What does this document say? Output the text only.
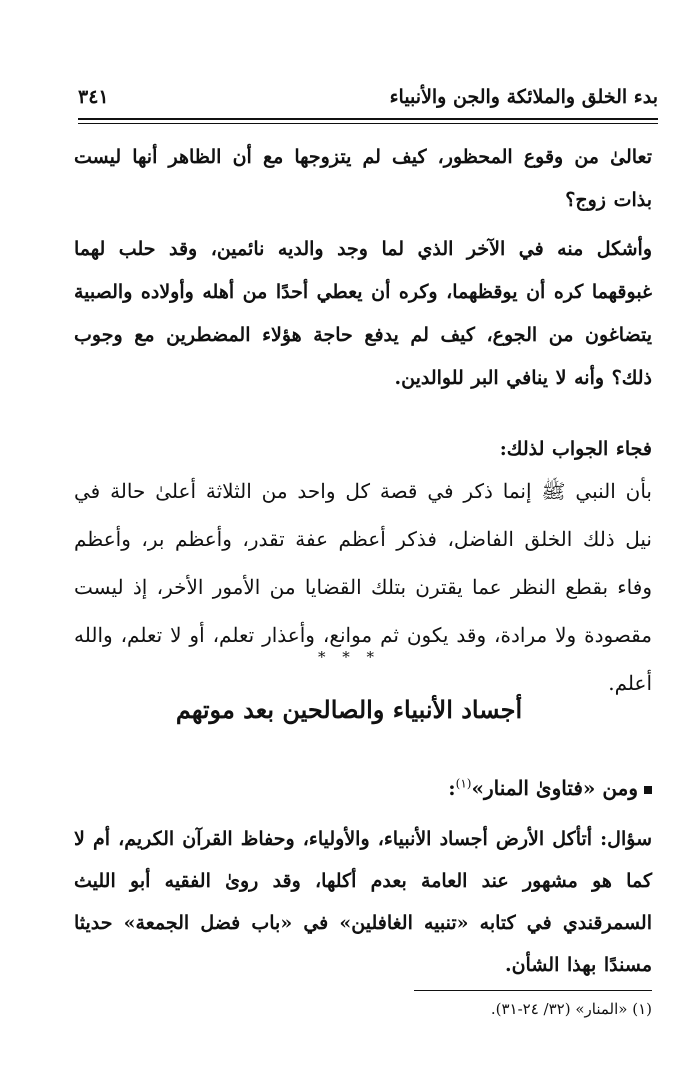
بدء الخلق والملائكة والجن والأنبياء
٣٤١

تعالىٰ من وقوع المحظور، كيف لم يتزوجها مع أن الظاهر أنها ليست بذات زوج؟

وأشكل منه في الآخر الذي لما وجد والديه نائمين، وقد حلب لهما غبوقهما كره أن يوقظهما، وكره أن يعطي أحدًا من أهله وأولاده والصبية يتضاغون من الجوع، كيف لم يدفع حاجة هؤلاء المضطرين مع وجوب ذلك؟ وأنه لا ينافي البر للوالدين.

فجاء الجواب لذلك:

بأن النبي ﷺ إنما ذكر في قصة كل واحد من الثلاثة أعلىٰ حالة في نيل ذلك الخلق الفاضل، فذكر أعظم عفة تقدر، وأعظم بر، وأعظم وفاء بقطع النظر عما يقترن بتلك القضايا من الأمور الأخر، إذ ليست مقصودة ولا مرادة، وقد يكون ثم موانع، وأعذار تعلم، أو لا تعلم، والله أعلم.

* * *
أجساد الأنبياء والصالحين بعد موتهم
ومن «فتاوىٰ المنار»$^{(١)}$:

سؤال: أتأكل الأرض أجساد الأنبياء، والأولياء، وحفاظ القرآن الكريم، أم لا كما هو مشهور عند العامة بعدم أكلها، وقد روىٰ الفقيه أبو الليث السمرقندي في كتابه «تنبيه الغافلين» في «باب فضل الجمعة» حديثا مسندًا بهذا الشأن.

(١) «المنار» (٣٢/ ٢٤-٣١).
